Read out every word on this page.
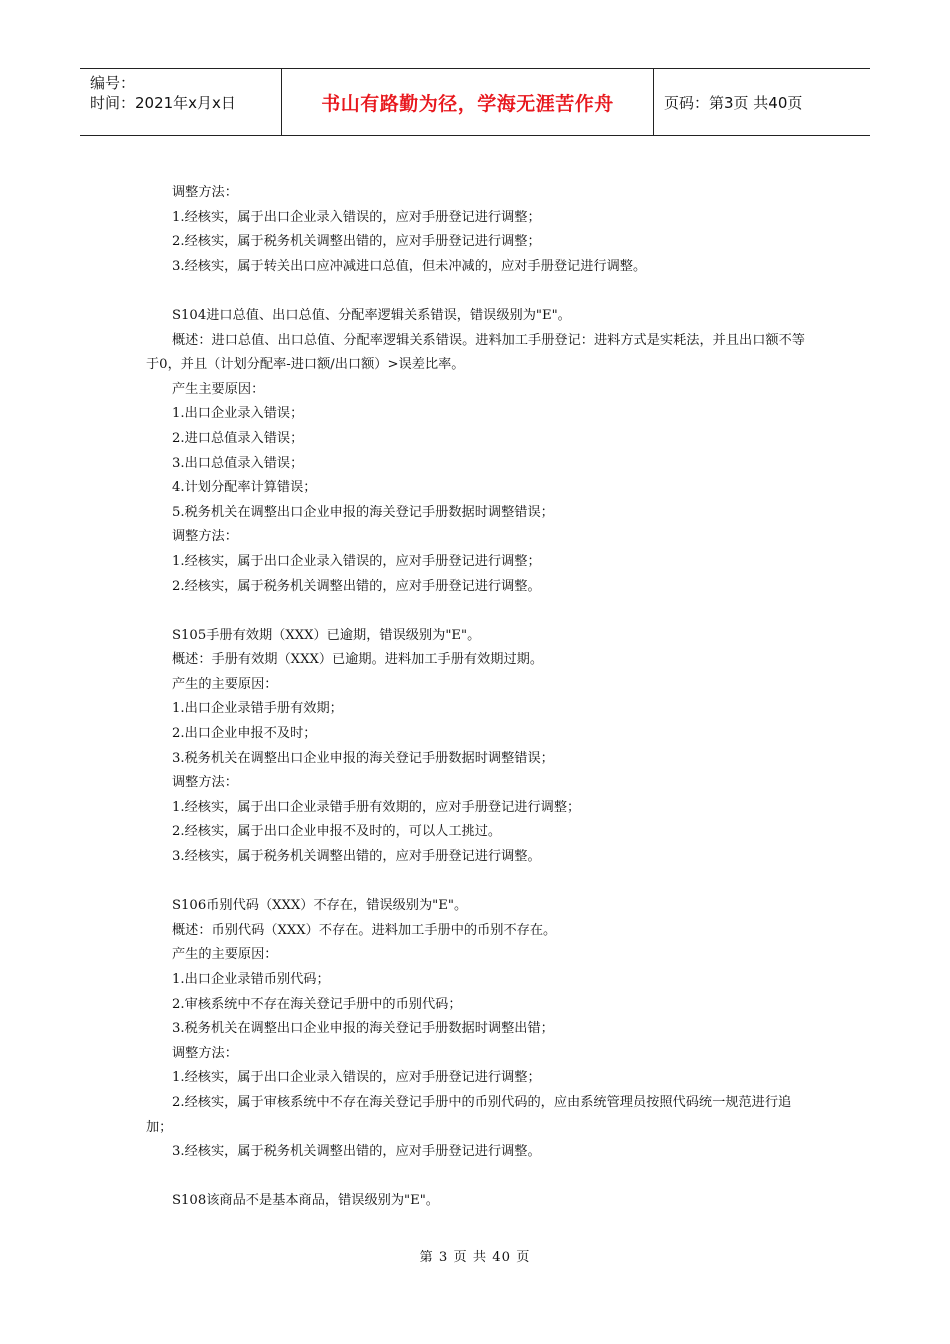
编号：
时间：2021年x月x日	书山有路勤为径，学海无涯苦作舟	页码：第3页 共40页

调整方法：

1.经核实，属于出口企业录入错误的，应对手册登记进行调整；

2.经核实，属于税务机关调整出错的，应对手册登记进行调整；

3.经核实，属于转关出口应冲减进口总值，但未冲减的，应对手册登记进行调整。

S104进口总值、出口总值、分配率逻辑关系错误，错误级别为"E"。

概述：进口总值、出口总值、分配率逻辑关系错误。进料加工手册登记：进料方式是实耗法，并且出口额不等于0，并且（计划分配率-进口额/出口额）>误差比率。

产生主要原因：

1.出口企业录入错误；

2.进口总值录入错误；

3.出口总值录入错误；

4.计划分配率计算错误；

5.税务机关在调整出口企业申报的海关登记手册数据时调整错误；

调整方法：

1.经核实，属于出口企业录入错误的，应对手册登记进行调整；

2.经核实，属于税务机关调整出错的，应对手册登记进行调整。

S105手册有效期（XXX）已逾期，错误级别为"E"。

概述：手册有效期（XXX）已逾期。进料加工手册有效期过期。

产生的主要原因：

1.出口企业录错手册有效期；

2.出口企业申报不及时；

3.税务机关在调整出口企业申报的海关登记手册数据时调整错误；

调整方法：

1.经核实，属于出口企业录错手册有效期的，应对手册登记进行调整；

2.经核实，属于出口企业申报不及时的，可以人工挑过。

3.经核实，属于税务机关调整出错的，应对手册登记进行调整。

S106币别代码（XXX）不存在，错误级别为"E"。

概述：币别代码（XXX）不存在。进料加工手册中的币别不存在。

产生的主要原因：

1.出口企业录错币别代码；

2.审核系统中不存在海关登记手册中的币别代码；

3.税务机关在调整出口企业申报的海关登记手册数据时调整出错；

调整方法：

1.经核实，属于出口企业录入错误的，应对手册登记进行调整；

2.经核实，属于审核系统中不存在海关登记手册中的币别代码的，应由系统管理员按照代码统一规范进行追加；

3.经核实，属于税务机关调整出错的，应对手册登记进行调整。

S108该商品不是基本商品，错误级别为"E"。

第 3 页 共 40 页
